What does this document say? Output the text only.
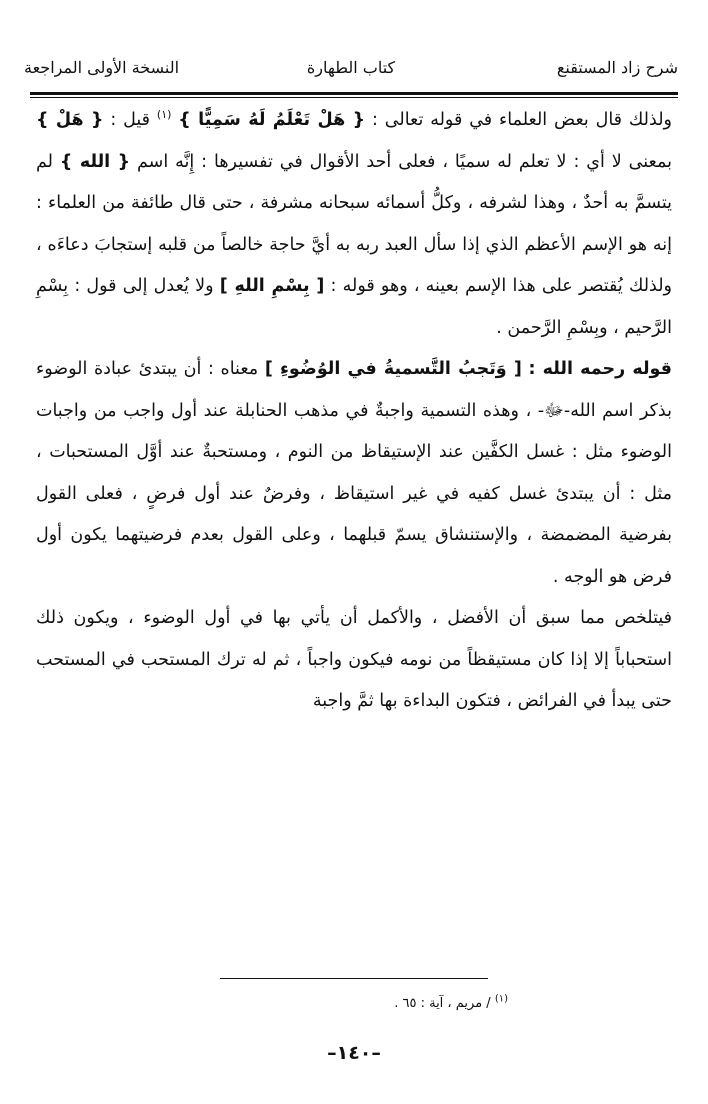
شرح زاد المستقنع
كتاب الطهارة
النسخة الأولى المراجعة

ولذلك قال بعض العلماء في قوله تعالى : { هَلْ تَعْلَمُ لَهُ سَمِيًّا } $^{(١)}$ قيل : { هَلْ } بمعنى لا أي : لا تعلم له سميًا ، فعلى أحد الأقوال في تفسيرها : إِنَّه اسم { الله } لم يتسمَّ به أحدٌ ، وهذا لشرفه ، وكلُّ أسمائه سبحانه مشرفة ، حتى قال طائفة من العلماء : إنه هو الإسم الأعظم الذي إذا سأل العبد ربه به أيَّ حاجة خالصاً من قلبه إستجابَ دعاءَه ، ولذلك يُقتصر على هذا الإسم بعينه ، وهو قوله : [ بِسْمِ اللهِ ] ولا يُعدل إلى قول : بِسْمِ الرَّحيم ، وبِسْمِ الرَّحمن .

قوله رحمه الله : [ وَتَجبُ التَّسميةُ في الوُضُوءِ ] معناه : أن يبتدئ عبادة الوضوء بذكر اسم الله-ﷻ- ، وهذه التسمية واجبةٌ في مذهب الحنابلة عند أول واجب من واجبات الوضوء مثل : غسل الكفَّين عند الإستيقاظ من النوم ، ومستحبةٌ عند أوَّل المستحبات ، مثل : أن يبتدئ غسل كفيه في غير استيقاظ ، وفرضٌ عند أول فرضٍ ، فعلى القول بفرضية المضمضة ، والإستنشاق يسمّ قبلهما ، وعلى القول بعدم فرضيتهما يكون أول فرض هو الوجه .

فيتلخص مما سبق أن الأفضل ، والأكمل أن يأتي بها في أول الوضوء ، ويكون ذلك استحباباً إلا إذا كان مستيقظاً من نومه فيكون واجباً ، ثم له ترك المستحب في المستحب حتى يبدأ في الفرائض ، فتكون البداءة بها ثمَّ واجبة

$^{(١)}$ / مريم ، آية : ٦٥ .
–١٤٠–
